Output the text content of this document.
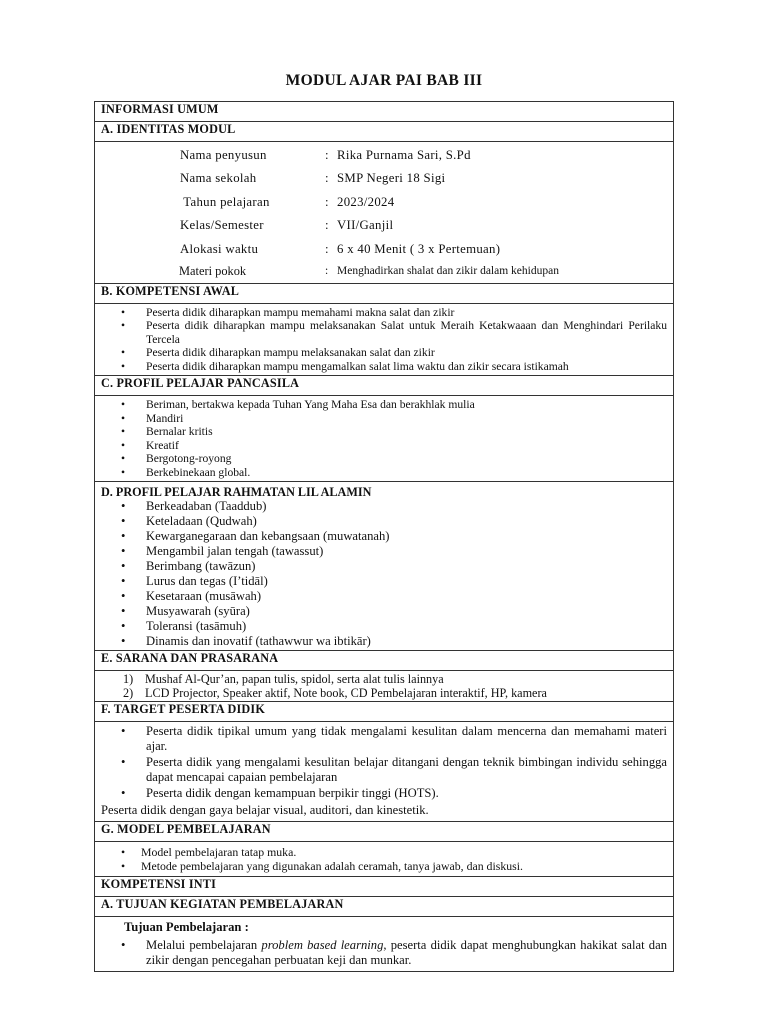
MODUL AJAR PAI BAB III
INFORMASI UMUM
A. IDENTITAS MODUL

Nama penyusun	: Rika Purnama Sari, S.Pd
Nama sekolah	: SMP Negeri 18 Sigi
Tahun pelajaran	: 2023/2024
Kelas/Semester	: VII/Ganjil
Alokasi waktu	: 6 x 40 Menit ( 3 x Pertemuan)
Materi pokok	: Menghadirkan shalat dan zikir dalam kehidupan

B. KOMPETENSI AWAL

• Peserta didik diharapkan mampu memahami makna salat dan zikir
• Peserta didik diharapkan mampu melaksanakan Salat untuk Meraih Ketakwaaan dan Menghindari Perilaku Tercela
• Peserta didik diharapkan mampu melaksanakan salat dan zikir
• Peserta didik diharapkan mampu mengamalkan salat lima waktu dan zikir secara istikamah

C. PROFIL PELAJAR PANCASILA

• Beriman, bertakwa kepada Tuhan Yang Maha Esa dan berakhlak mulia
• Mandiri
• Bernalar kritis
• Kreatif
• Bergotong-royong
• Berkebinekaan global.

D. PROFIL PELAJAR RAHMATAN LIL ALAMIN
• Berkeadaban (Taaddub)
• Keteladaan (Qudwah)
• Kewarganegaraan dan kebangsaan (muwatanah)
• Mengambil jalan tengah (tawassut)
• Berimbang (tawāzun)
• Lurus dan tegas (I’tidāl)
• Kesetaraan (musāwah)
• Musyawarah (syūra)
• Toleransi (tasāmuh)
• Dinamis dan inovatif (tathawwur wa ibtikār)

E. SARANA DAN PRASARANA

1) Mushaf Al-Qur’an, papan tulis, spidol, serta alat tulis lainnya
2) LCD Projector, Speaker aktif, Note book, CD Pembelajaran interaktif, HP, kamera

F. TARGET PESERTA DIDIK

• Peserta didik tipikal umum yang tidak mengalami kesulitan dalam mencerna dan memahami materi ajar.
• Peserta didik yang mengalami kesulitan belajar ditangani dengan teknik bimbingan individu sehingga dapat mencapai capaian pembelajaran
• Peserta didik dengan kemampuan berpikir tinggi (HOTS).
Peserta didik dengan gaya belajar visual, auditori, dan kinestetik.

G. MODEL PEMBELAJARAN

• Model pembelajaran tatap muka.
• Metode pembelajaran yang digunakan adalah ceramah, tanya jawab, dan diskusi.

KOMPETENSI INTI
A. TUJUAN KEGIATAN PEMBELAJARAN

Tujuan Pembelajaran :
• Melalui pembelajaran problem based learning, peserta didik dapat menghubungkan hakikat salat dan zikir dengan pencegahan perbuatan keji dan munkar.
